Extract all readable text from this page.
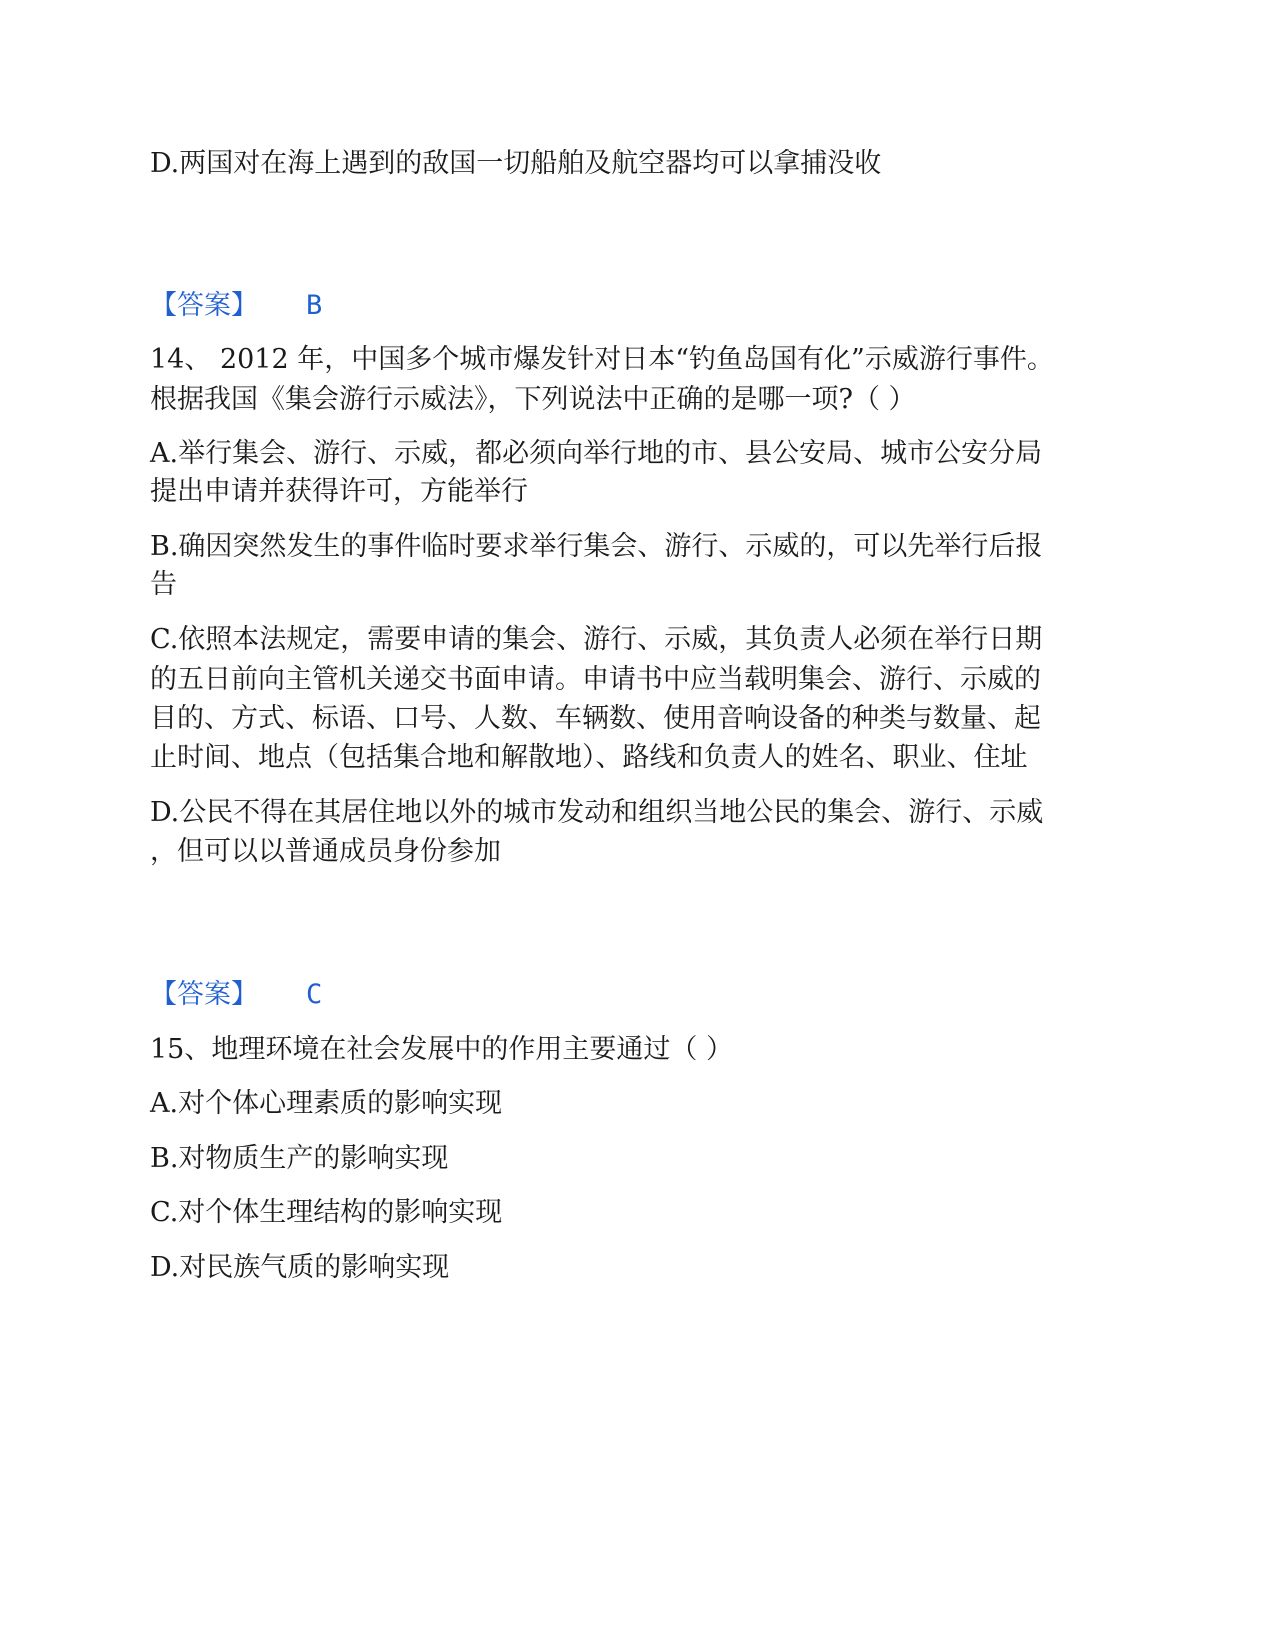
D.两国对在海上遇到的敌国一切船舶及航空器均可以拿捕没收

【答案】 B

14、 2012 年，中国多个城市爆发针对日本“钓鱼岛国有化”示威游行事件。

根据我国《集会游行示威法》，下列说法中正确的是哪一项?（ ）

A.举行集会、游行、示威，都必须向举行地的市、县公安局、城市公安分局

提出申请并获得许可，方能举行

B.确因突然发生的事件临时要求举行集会、游行、示威的，可以先举行后报

告

C.依照本法规定，需要申请的集会、游行、示威，其负责人必须在举行日期

的五日前向主管机关递交书面申请。申请书中应当载明集会、游行、示威的

目的、方式、标语、口号、人数、车辆数、使用音响设备的种类与数量、起

止时间、地点（包括集合地和解散地）、路线和负责人的姓名、职业、住址

D.公民不得在其居住地以外的城市发动和组织当地公民的集会、游行、示威

，但可以以普通成员身份参加

【答案】 C

15、地理环境在社会发展中的作用主要通过（ ）

A.对个体心理素质的影响实现

B.对物质生产的影响实现

C.对个体生理结构的影响实现

D.对民族气质的影响实现
